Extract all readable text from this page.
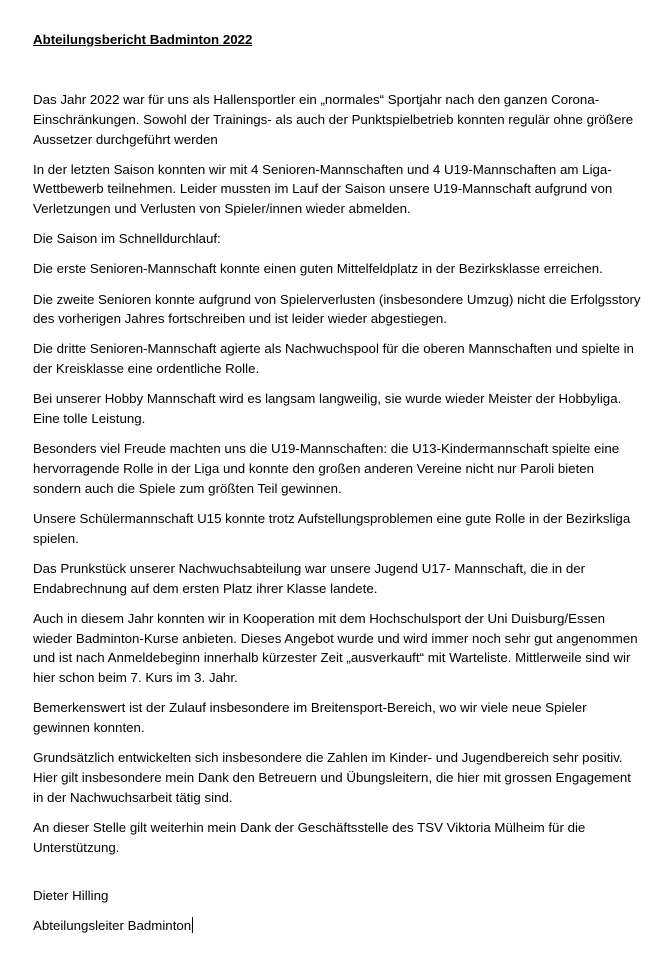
Abteilungsbericht Badminton 2022

Das Jahr 2022 war für uns als Hallensportler ein „normales“ Sportjahr nach den ganzen Corona-Einschränkungen. Sowohl der Trainings- als auch der Punktspielbetrieb konnten regulär ohne größere Aussetzer durchgeführt werden

In der letzten Saison konnten wir mit 4 Senioren-Mannschaften und 4 U19-Mannschaften am Liga-Wettbewerb teilnehmen. Leider mussten im Lauf der Saison unsere U19-Mannschaft aufgrund von Verletzungen und Verlusten von Spieler/innen wieder abmelden.

Die Saison im Schnelldurchlauf:

Die erste Senioren-Mannschaft konnte einen guten Mittelfeldplatz in der Bezirksklasse erreichen.

Die zweite Senioren konnte aufgrund von Spielerverlusten (insbesondere Umzug) nicht die Erfolgsstory des vorherigen Jahres fortschreiben und ist leider wieder abgestiegen.

Die dritte Senioren-Mannschaft agierte als Nachwuchspool für die oberen Mannschaften und spielte in der Kreisklasse eine ordentliche Rolle.

Bei unserer Hobby Mannschaft wird es langsam langweilig, sie wurde wieder Meister der Hobbyliga. Eine tolle Leistung.

Besonders viel Freude machten uns die U19-Mannschaften: die U13-Kindermannschaft spielte eine hervorragende Rolle in der Liga und konnte den großen anderen Vereine nicht nur Paroli bieten sondern auch die Spiele zum größten Teil gewinnen.

Unsere Schülermannschaft U15 konnte trotz Aufstellungsproblemen eine gute Rolle in der Bezirksliga spielen.

Das Prunkstück unserer Nachwuchsabteilung war unsere Jugend U17- Mannschaft, die in der Endabrechnung auf dem ersten Platz ihrer Klasse landete.

Auch in diesem Jahr konnten wir in Kooperation mit dem Hochschulsport der Uni Duisburg/Essen wieder Badminton-Kurse anbieten. Dieses Angebot wurde und wird immer noch sehr gut angenommen und ist nach Anmeldebeginn innerhalb kürzester Zeit „ausverkauft“ mit Warteliste. Mittlerweile sind wir hier schon beim 7. Kurs im 3. Jahr.

Bemerkenswert ist der Zulauf insbesondere im Breitensport-Bereich, wo wir viele neue Spieler gewinnen konnten.

Grundsätzlich entwickelten sich insbesondere die Zahlen im Kinder- und Jugendbereich sehr positiv. Hier gilt insbesondere mein Dank den Betreuern und Übungsleitern, die hier mit grossen Engagement in der Nachwuchsarbeit tätig sind.

An dieser Stelle gilt weiterhin mein Dank der Geschäftsstelle des TSV Viktoria Mülheim für die Unterstützung.

Dieter Hilling

Abteilungsleiter Badminton
